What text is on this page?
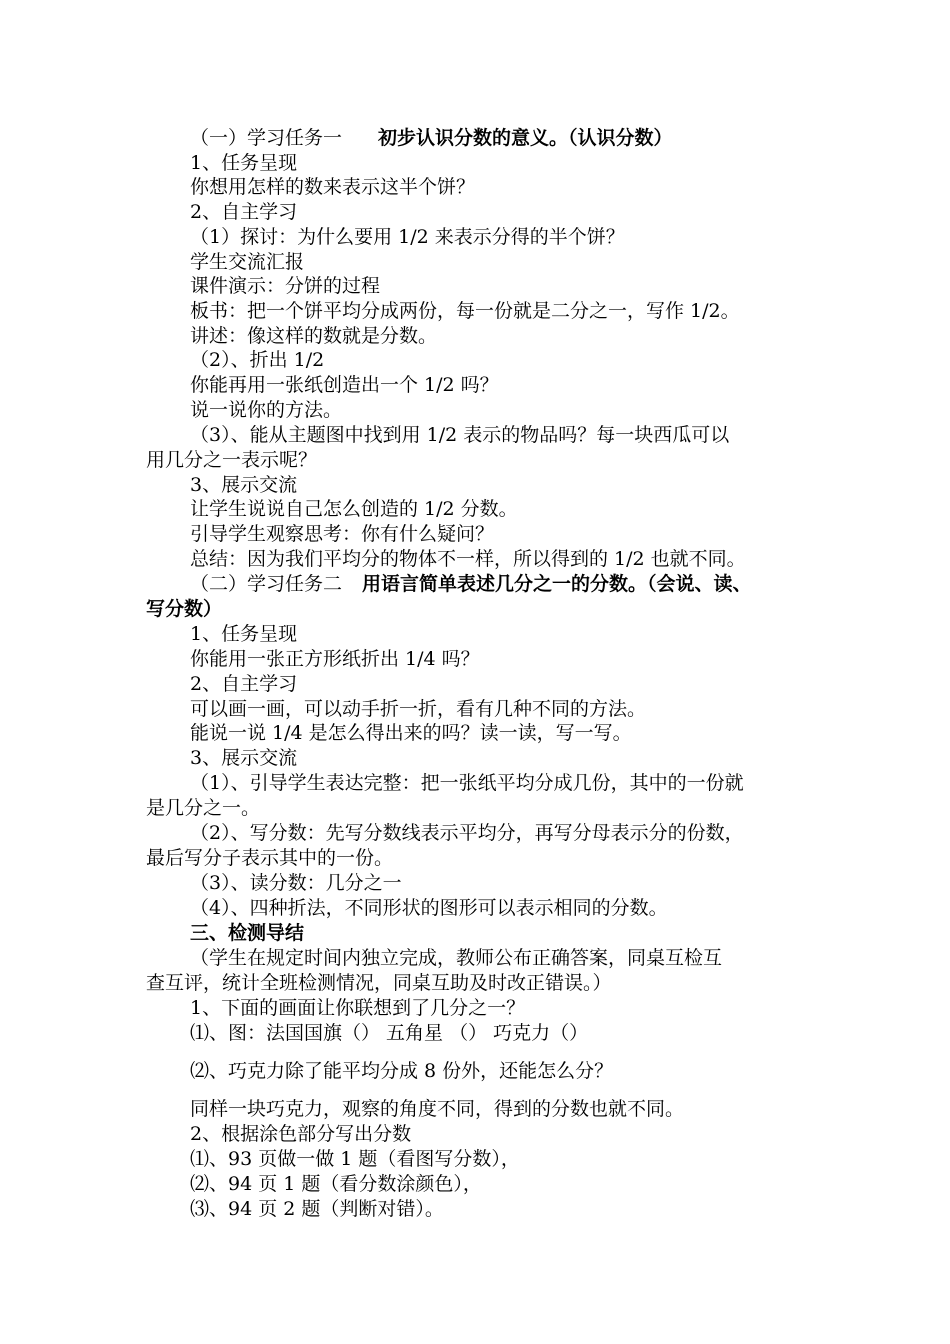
（一）学习任务一 初步认识分数的意义。（认识分数）
1、任务呈现
你想用怎样的数来表示这半个饼？
2、自主学习
（1）探讨：为什么要用 1/2 来表示分得的半个饼？
学生交流汇报
课件演示：分饼的过程
板书：把一个饼平均分成两份，每一份就是二分之一，写作 1/2。
讲述：像这样的数就是分数。
（2）、折出 1/2
你能再用一张纸创造出一个 1/2 吗？
说一说你的方法。
（3）、能从主题图中找到用 1/2 表示的物品吗？每一块西瓜可以
用几分之一表示呢？
3、展示交流
让学生说说自己怎么创造的 1/2 分数。
引导学生观察思考：你有什么疑问？
总结：因为我们平均分的物体不一样，所以得到的 1/2 也就不同。
（二）学习任务二 用语言简单表述几分之一的分数。（会说、读、
写分数）
1、任务呈现
你能用一张正方形纸折出 1/4 吗？
2、自主学习
可以画一画，可以动手折一折，看有几种不同的方法。
能说一说 1/4 是怎么得出来的吗？读一读，写一写。
3、展示交流
（1）、引导学生表达完整：把一张纸平均分成几份，其中的一份就
是几分之一。
（2）、写分数：先写分数线表示平均分，再写分母表示分的份数，
最后写分子表示其中的一份。
（3）、读分数：几分之一
（4）、四种折法，不同形状的图形可以表示相同的分数。
三、检测导结
（学生在规定时间内独立完成，教师公布正确答案，同桌互检互
查互评，统计全班检测情况，同桌互助及时改正错误。）
1、下面的画面让你联想到了几分之一？
⑴、图：法国国旗（） 五角星 （） 巧克力（）
⑵、巧克力除了能平均分成 8 份外，还能怎么分？
同样一块巧克力，观察的角度不同，得到的分数也就不同。
2、根据涂色部分写出分数
⑴、93 页做一做 1 题（看图写分数），
⑵、94 页 1 题（看分数涂颜色），
⑶、94 页 2 题（判断对错）。
